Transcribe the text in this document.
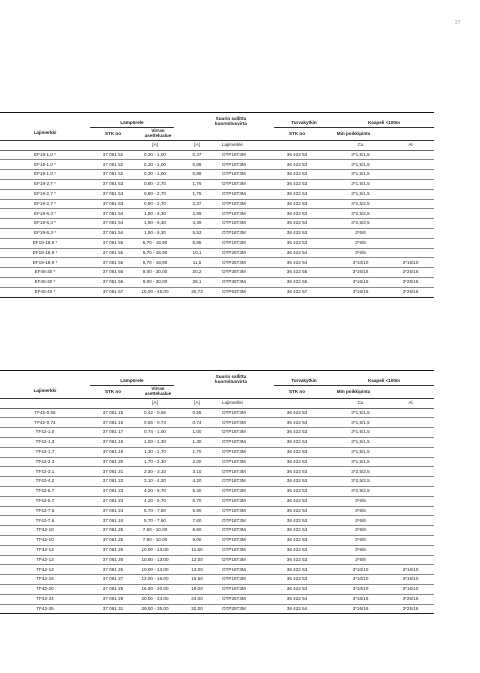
27

	Lämpörele		Suurin sallittu kuormitusvirta		Turvakytkin		Kaapeli <100m	
Lajimerkki	STK no	Virran asettelualue			STK no	Min poikkipinta		
		[A]	[A]	Lajimerkki			Cu	Al
EF19-1,0 *	37 061 52	0,30 - 1,00	0,47	OTP16T3M	36 422 53		3*1,5/1,5	
EF19-1,0 *	37 061 52	0,30 - 1,00	0,88	OTP16T3M	36 422 53		3*1,5/1,5	
EF19-1,0 *	37 061 52	0,30 - 1,00	0,88	OTP16T3M	36 422 53		3*1,5/1,5	
EF19-2,7 *	37 061 53	0,80 - 2,70	1,76	OTP16T3M	36 422 53		3*1,5/1,5	
EF19-2,7 *	37 061 53	0,80 - 2,70	1,76	OTP16T3M	36 422 53		3*1,5/1,5	
EF19-2,7 *	37 061 53	0,80 - 2,70	2,37	OTP16T3M	36 422 53		3*2,5/2,5	
EF19-6,3 *	37 061 54	1,90 - 6,30	2,99	OTP16T3M	36 422 53		3*2,5/2,5	
EF19-6,3 *	37 061 54	1,90 - 6,30	4,39	OTP16T3M	36 422 53		3*2,5/2,5	
EF19-6,3 *	37 061 54	1,90 - 6,30	5,53	OTP16T3M	36 422 53		3*6/6	
EF19-18,9 *	37 061 55	5,70 - 18,90	6,85	OTP16T3M	36 422 53		3*6/6	
EF19-18,9 *	37 061 55	5,70 - 18,90	10,1	OTP25T3M	36 422 54		3*6/6	
EF19-18,9 *	37 061 55	5,70 - 18,90	11,5	OTP25T3M	36 422 54		3*10/10	3*16/10
EF45-30 *	37 061 56	9,00 - 30,00	20,2	OTP36T3M	36 422 55		3*16/16	3*25/16
EF45-30 *	37 061 56	9,00 - 30,00	28,1	OTP36T3M	36 422 55		3*16/16	3*25/16
EF45-45 *	37 061 57	15,00 - 45,00	30,73	OTP63T3M	36 422 57		3*16/16	3*25/16

	Lämpörele		Suurin sallittu kuormitusvirta		Turvakytkin		Kaapeli <100m	
Lajimerkki	STK no	Virran asettelualue			STK no	Min poikkipinta		
		[A]	[A]	Lajimerkki			Cu	Al
TF42-0.55	37 061 15	0.42 - 0.55	0.55	OTP16T3M	36 422 53		3*1,5/1,5	
TF42-0.74	37 061 16	0.55 - 0.74	0.74	OTP16T3M	36 422 53		3*1,5/1,5	
TF42-1.0	37 061 17	0.74 - 1.00	1.00	OTP16T3M	36 422 53		3*1,5/1,5	
TF42-1.3	37 061 18	1.00 - 1.30	1.30	OTP16T3M	36 422 53		3*1,5/1,5	
TF42-1.7	37 061 19	1.30 - 1.70	1.70	OTP16T3M	36 422 53		3*1,5/1,5	
TF42-2.3	37 061 20	1.70 - 2.30	2.00	OTP16T3M	36 422 53		3*1,5/1,5	
TF42-3.1	37 061 21	2.30 - 3.10	3.10	OTP16T3M	36 422 53		3*2,5/2,5	
TF42-4.2	37 061 22	3.10 - 4.20	4.20	OTP16T3M	36 422 53		3*2,5/2,5	
TF42-5.7	37 061 23	4.20 - 5.70	5.20	OTP16T3M	36 422 53		3*2,5/2,5	
TF42-5.7	37 061 23	4.20 - 5.70	5.70	OTP16T3M	36 422 53		3*6/6	
TF42-7.6	37 061 24	5.70 - 7.60	6.80	OTP16T3M	36 422 53		3*6/6	
TF42-7.6	37 061 24	5.70 - 7.60	7.60	OTP16T3M	36 422 53		3*6/6	
TF42-10	37 061 25	7.60 - 10.00	8.50	OTP16T3M	36 422 53		3*6/6	
TF42-10	37 061 25	7.60 - 10.00	9.00	OTP16T3M	36 422 53		3*6/6	
TF42-13	37 061 26	10.00 - 13.00	11.50	OTP16T3M	36 422 53		3*6/6	
TF42-13	37 061 26	10.00 - 13.00	12.00	OTP16T3M	36 422 53		3*6/6	
TF42-13	37 061 26	10.00 - 13.00	13.00	OTP16T3M	36 422 53		3*10/10	3*16/10
TF42-16	37 061 27	13.00 - 16.00	15.50	OTP16T3M	36 422 53		3*10/10	3*16/10
TF42-20	37 061 28	16.00 - 20.00	19.00	OTP16T3M	36 422 53		3*10/10	3*16/10
TF42-24	37 061 29	20.00 - 24.00	24.00	OTP25T3M	36 422 54		3*16/16	3*25/16
TF42-35	37 061 31	29.00 - 35.00	32.00	OTP25T3M	36 422 54		3*16/16	3*25/16
